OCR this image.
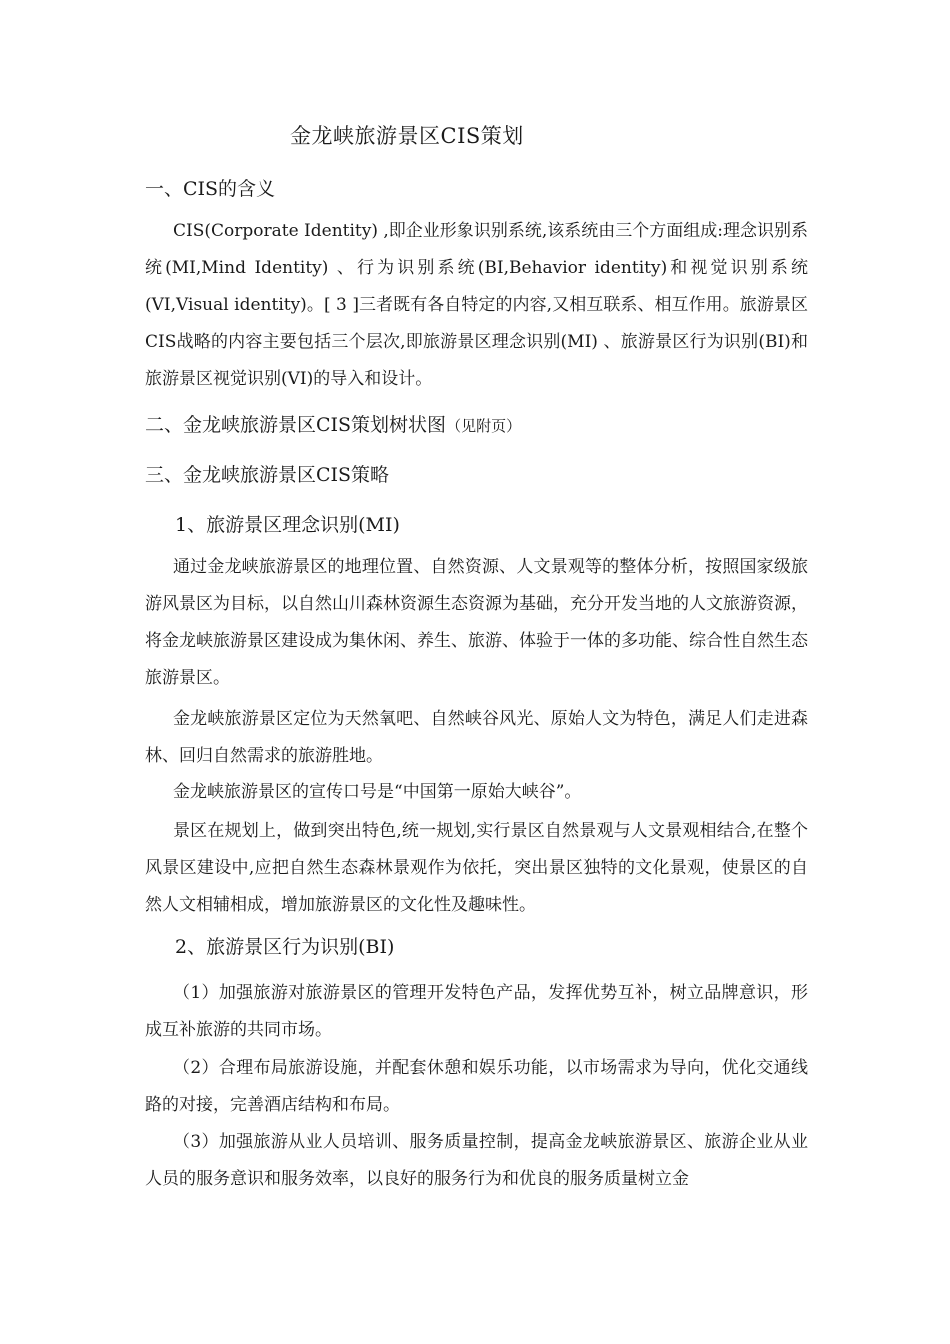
金龙峡旅游景区CIS策划
一、CIS的含义

CIS(Corporate Identity) ,即企业形象识别系统,该系统由三个方面组成:理念识别系统(MI,Mind Identity) 、行为识别系统(BI,Behavior identity)和视觉识别系统(VI,Visual identity)。[ 3 ]三者既有各自特定的内容,又相互联系、相互作用。旅游景区CIS战略的内容主要包括三个层次,即旅游景区理念识别(MI) 、旅游景区行为识别(BI)和旅游景区视觉识别(VI)的导入和设计。

二、金龙峡旅游景区CIS策划树状图（见附页）
三、金龙峡旅游景区CIS策略
1、旅游景区理念识别(MI)

通过金龙峡旅游景区的地理位置、自然资源、人文景观等的整体分析，按照国家级旅游风景区为目标，以自然山川森林资源生态资源为基础，充分开发当地的人文旅游资源，将金龙峡旅游景区建设成为集休闲、养生、旅游、体验于一体的多功能、综合性自然生态旅游景区。

金龙峡旅游景区定位为天然氧吧、自然峡谷风光、原始人文为特色，满足人们走进森林、回归自然需求的旅游胜地。

金龙峡旅游景区的宣传口号是“中国第一原始大峡谷”。

景区在规划上，做到突出特色,统一规划,实行景区自然景观与人文景观相结合,在整个风景区建设中,应把自然生态森林景观作为依托，突出景区独特的文化景观，使景区的自然人文相辅相成，增加旅游景区的文化性及趣味性。

2、旅游景区行为识别(BI)

（1）加强旅游对旅游景区的管理开发特色产品，发挥优势互补，树立品牌意识，形成互补旅游的共同市场。

（2）合理布局旅游设施，并配套休憩和娱乐功能，以市场需求为导向，优化交通线路的对接，完善酒店结构和布局。

（3）加强旅游从业人员培训、服务质量控制，提高金龙峡旅游景区、旅游企业从业人员的服务意识和服务效率，以良好的服务行为和优良的服务质量树立金
